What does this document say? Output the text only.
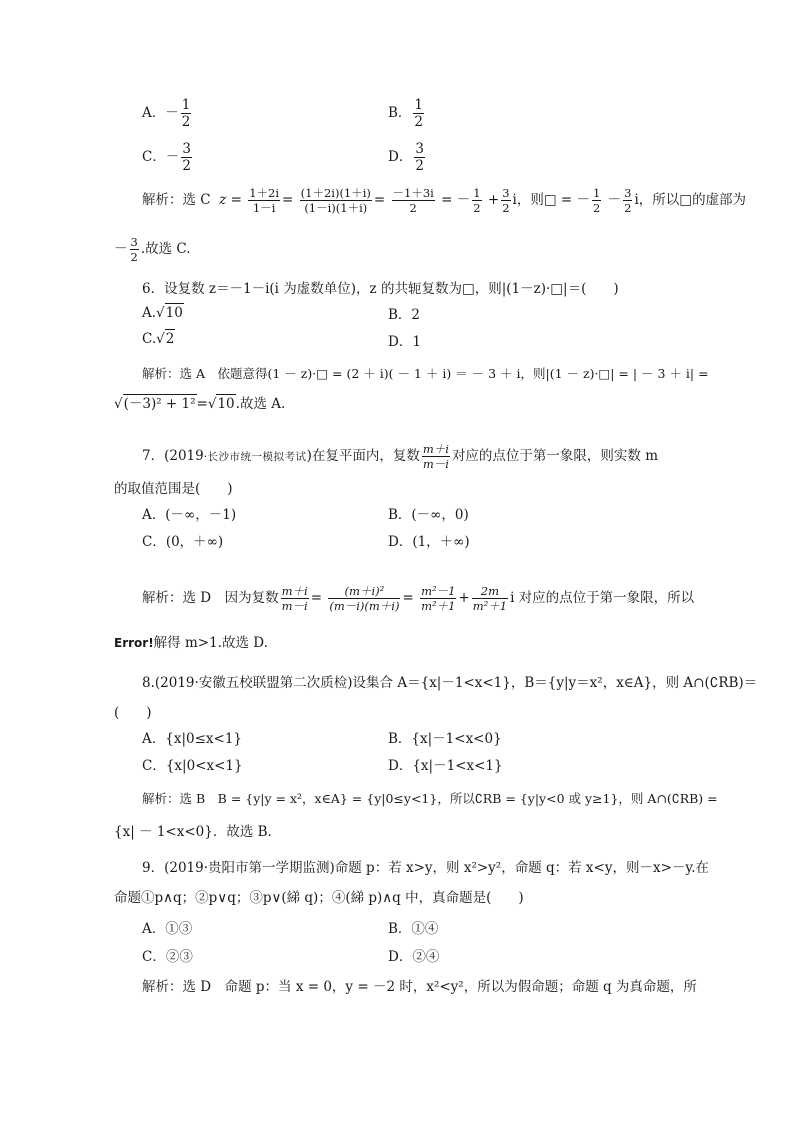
A．－ $\frac{1}{2}$	B． $\frac{1}{2}$
C．－ $\frac{3}{2}$	D． $\frac{3}{2}$
解析：选 C $z = \frac{1+2i}{1-i} = \frac{(1+2i)(1+i)}{(1-i)(1+i)} = \frac{-1+3i}{2}$ = － $\frac{1}{2} + \frac{3}{2}$ i，则□ = － $\frac{1}{2} - \frac{3}{2}$ i，所以□的虚部为
－ $\frac{3}{2}$ .故选 C.
6．设复数 z＝－1－i(i 为虚数单位)，z 的共轭复数为□，则|(1－z)·□|＝(　　)
A.√10	B．2
C.√2	D．1
解析：选 A　依题意得(1 － z)·□ = (2 ＋ i)( － 1 ＋ i) ＝ － 3 ＋ i，则|(1 － z)·□| = | － 3 ＋ i| =
√(－3)² + 1²=√10.故选 A.
7．(2019·长沙市统一模拟考试)在复平面内，复数 $\frac{m+i}{m-i}$ 对应的点位于第一象限，则实数 m
的取值范围是(　　)
A．(－∞，－1)	B．(－∞，0)
C．(0，＋∞)	D．(1，＋∞)
解析：选 D　因为复数 $\frac{m+i}{m-i} = \frac{\text{(m＋i)²}}{(m-i)(m+i)} = \frac{\text{m²－1}}{\text{m²＋1}} + \frac{2m}{\text{m²＋1}}$ i 对应的点位于第一象限，所以
Error!解得 m>1.故选 D.
8.(2019·安徽五校联盟第二次质检)设集合 A＝{x|－1<x<1}，B＝{y|y＝x²，x∈A}，则 A∩(∁RB)＝
(　　)
A．{x|0≤x<1}	B．{x|－1<x<0}
C．{x|0<x<1}	D．{x|－1<x<1}
解析：选 B　B = {y|y = x²，x∈A} = {y|0≤y<1}，所以∁RB = {y|y<0 或 y≥1}，则 A∩(∁RB) =
{x| － 1<x<0}．故选 B.
9．(2019·贵阳市第一学期监测)命题 p：若 x>y，则 x²>y²，命题 q：若 x<y，则－x>－y.在
命题①p∧q；②p∨q；③p∨(綈 q)；④(綈 p)∧q 中，真命题是(　　)
A．①③	B．①④
C．②③	D．②④
解析：选 D　命题 p：当 x = 0，y = －2 时，x²<y²，所以为假命题；命题 q 为真命题，所
